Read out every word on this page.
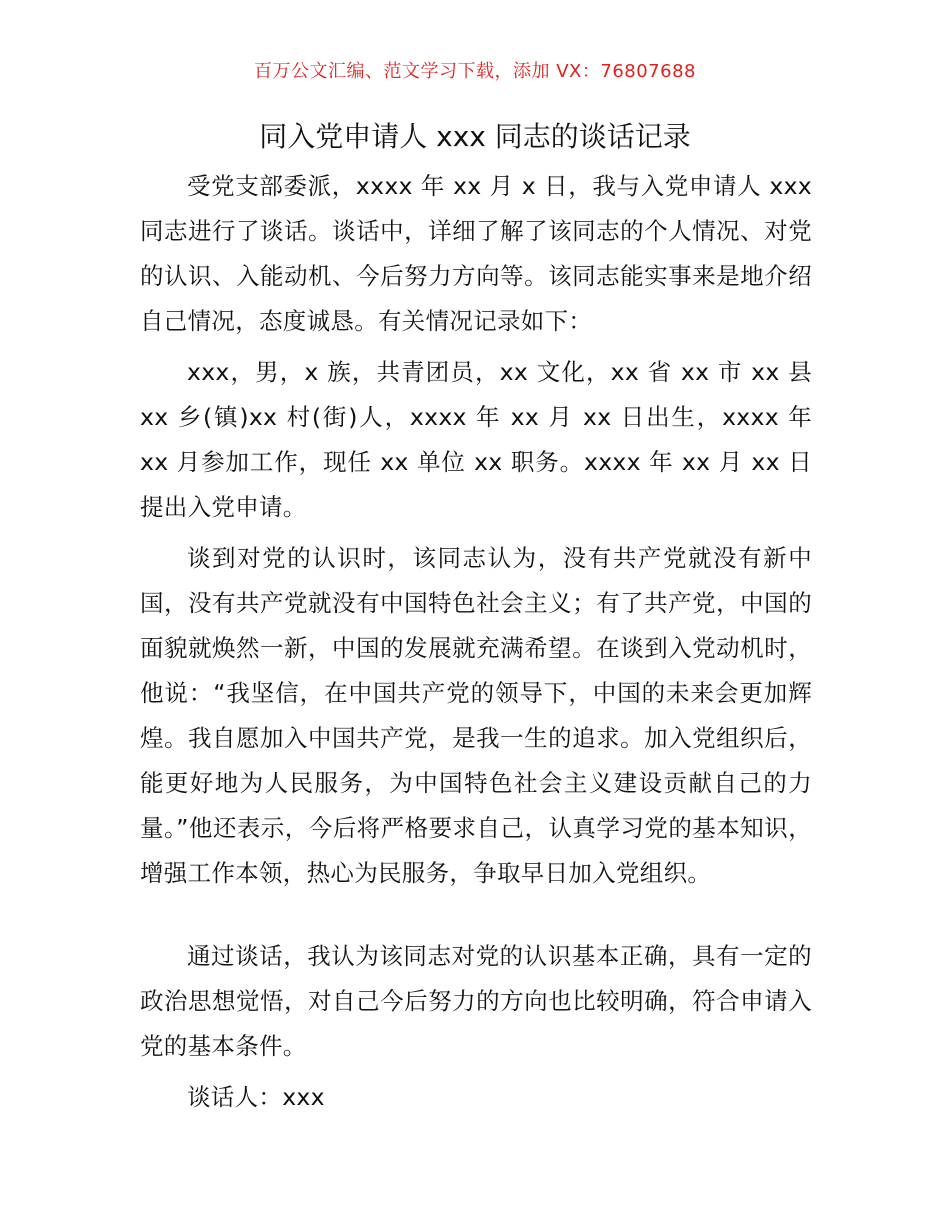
百万公文汇编、范文学习下载，添加 VX：76807688
同入党申请人 xxx 同志的谈话记录

受党支部委派，xxxx 年 xx 月 x 日，我与入党申请人 xxx 同志进行了谈话。谈话中，详细了解了该同志的个人情况、对党的认识、入能动机、今后努力方向等。该同志能实事来是地介绍自己情况，态度诚恳。有关情况记录如下：

xxx，男，x 族，共青团员，xx 文化，xx 省 xx 市 xx 县 xx 乡(镇)xx 村(街)人，xxxx 年 xx 月 xx 日出生，xxxx 年 xx 月参加工作，现任 xx 单位 xx 职务。xxxx 年 xx 月 xx 日提出入党申请。

谈到对党的认识时，该同志认为，没有共产党就没有新中国，没有共产党就没有中国特色社会主义；有了共产党，中国的面貌就焕然一新，中国的发展就充满希望。在谈到入党动机时，他说：“我坚信，在中国共产党的领导下，中国的未来会更加辉煌。我自愿加入中国共产党，是我一生的追求。加入党组织后，能更好地为人民服务，为中国特色社会主义建设贡献自己的力量。”他还表示，今后将严格要求自己，认真学习党的基本知识，增强工作本领，热心为民服务，争取早日加入党组织。

通过谈话，我认为该同志对党的认识基本正确，具有一定的政治思想觉悟，对自己今后努力的方向也比较明确，符合申请入党的基本条件。

谈话人：xxx
